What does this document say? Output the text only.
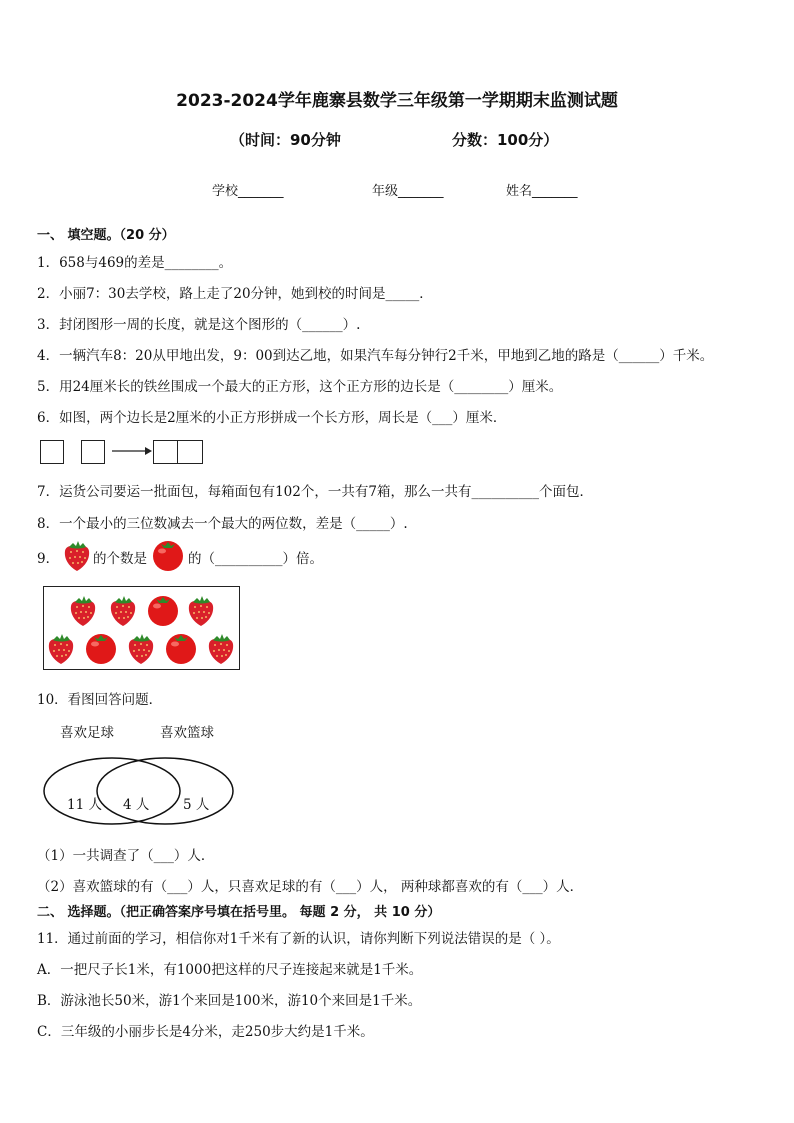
2023-2024学年鹿寨县数学三年级第一学期期末监测试题
（时间：90分钟	分数：100分）
学校_______	年级_______	姓名_______
一、 填空题。（20 分）
1．658与469的差是________。
2．小丽7：30去学校，路上走了20分钟，她到校的时间是_____．
3．封闭图形一周的长度，就是这个图形的（______）.
4．一辆汽车8：20从甲地出发，9：00到达乙地，如果汽车每分钟行2千米，甲地到乙地的路是（______）千米。
5．用24厘米长的铁丝围成一个最大的正方形，这个正方形的边长是（________）厘米。
6．如图，两个边长是2厘米的小正方形拼成一个长方形，周长是（___）厘米．
7．运货公司要运一批面包，每箱面包有102个，一共有7箱，那么一共有__________个面包．
8．一个最小的三位数减去一个最大的两位数，差是（_____）.
9．	的个数是	的（__________）倍。
10．看图回答问题．
喜欢足球	喜欢篮球
11 人 4 人 5 人
（1）一共调查了（___）人．
（2）喜欢篮球的有（___）人，只喜欢足球的有（___）人， 两种球都喜欢的有（___）人．
二、 选择题。（把正确答案序号填在括号里。 每题 2 分， 共 10 分）
11．通过前面的学习，相信你对1千米有了新的认识，请你判断下列说法错误的是（ ）。
A．一把尺子长1米，有1000把这样的尺子连接起来就是1千米。
B．游泳池长50米，游1个来回是100米，游10个来回是1千米。
C．三年级的小丽步长是4分米，走250步大约是1千米。
